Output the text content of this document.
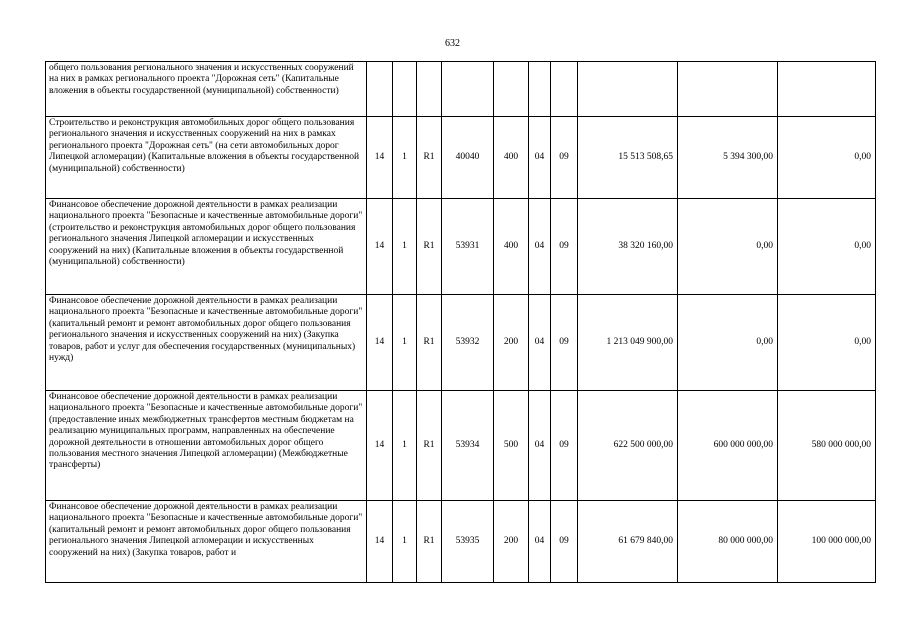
632
общего пользования регионального значения и искусственных сооружений на них в рамках регионального проекта "Дорожная сеть" (Капитальные вложения в объекты государственной (муниципальной) собственности)										
Строительство и реконструкция автомобильных дорог общего пользования регионального значения и искусственных сооружений на них в рамках регионального проекта "Дорожная сеть" (на сети автомобильных дорог Липецкой агломерации) (Капитальные вложения в объекты государственной (муниципальной) собственности)	14	1	R1	40040	400	04	09	15 513 508,65	5 394 300,00	0,00
Финансовое обеспечение дорожной деятельности в рамках реализации национального проекта "Безопасные и качественные автомобильные дороги" (строительство и реконструкция автомобильных дорог общего пользования регионального значения Липецкой агломерации и искусственных сооружений на них) (Капитальные вложения в объекты государственной (муниципальной) собственности)	14	1	R1	53931	400	04	09	38 320 160,00	0,00	0,00
Финансовое обеспечение дорожной деятельности в рамках реализации национального проекта "Безопасные и качественные автомобильные дороги" (капитальный ремонт и ремонт автомобильных дорог общего пользования регионального значения и искусственных сооружений на них) (Закупка товаров, работ и услуг для обеспечения государственных (муниципальных) нужд)	14	1	R1	53932	200	04	09	1 213 049 900,00	0,00	0,00
Финансовое обеспечение дорожной деятельности в рамках реализации национального проекта "Безопасные и качественные автомобильные дороги" (предоставление иных межбюджетных трансфертов местным бюджетам на реализацию муниципальных программ, направленных на обеспечение дорожной деятельности в отношении автомобильных дорог общего пользования местного значения Липецкой агломерации) (Межбюджетные трансферты)	14	1	R1	53934	500	04	09	622 500 000,00	600 000 000,00	580 000 000,00
Финансовое обеспечение дорожной деятельности в рамках реализации национального проекта "Безопасные и качественные автомобильные дороги" (капитальный ремонт и ремонт автомобильных дорог общего пользования регионального значения Липецкой агломерации и искусственных сооружений на них) (Закупка товаров, работ и	14	1	R1	53935	200	04	09	61 679 840,00	80 000 000,00	100 000 000,00
